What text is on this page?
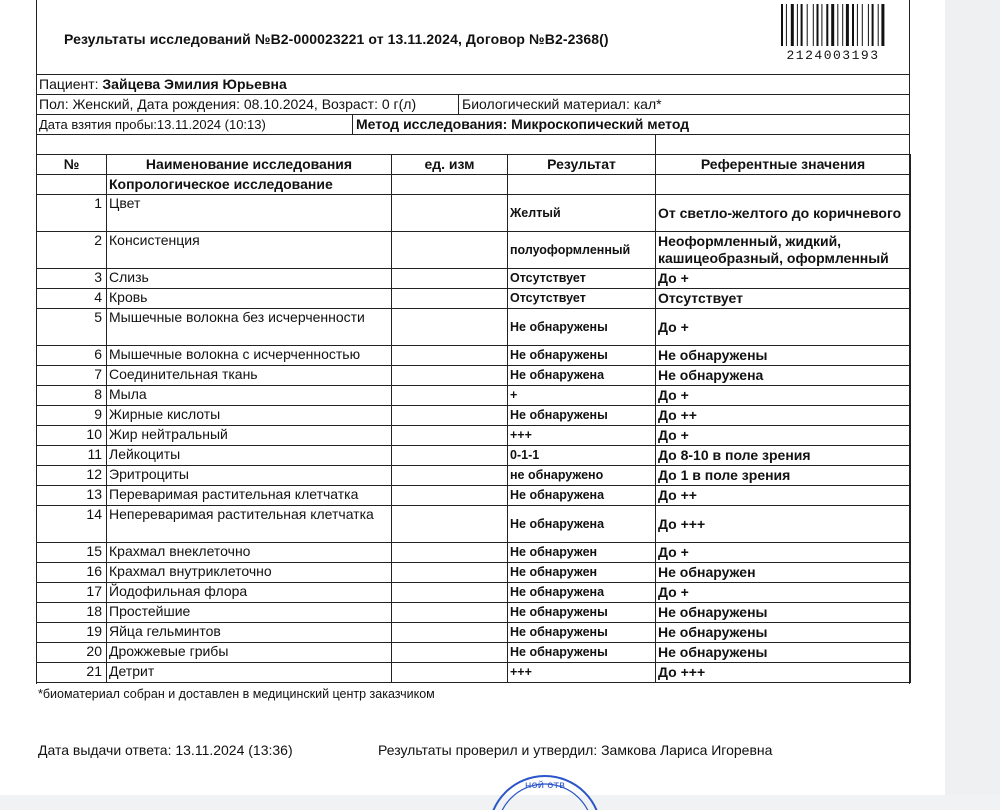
Результаты исследований №B2-000023221 от 13.11.2024, Договор №B2-2368()
2124003193
Пациент: Зайцева Эмилия Юрьевна
Пол: Женский, Дата рождения: 08.10.2024, Возраст: 0 г(л)	Биологический материал: кал*
Дата взятия пробы:13.11.2024 (10:13)	Метод исследования: Микроскопический метод
№	Наименование исследования	ед. изм	Результат	Референтные значения
	Копрологическое исследование			
1	Цвет		Желтый	От светло-желтого до коричневого
2	Консистенция		полуоформленный	Неоформленный, жидкий, кашицеобразный, оформленный
3	Слизь		Отсутствует	До +
4	Кровь		Отсутствует	Отсутствует
5	Мышечные волокна без исчерченности		Не обнаружены	До +
6	Мышечные волокна с исчерченностью		Не обнаружены	Не обнаружены
7	Соединительная ткань		Не обнаружена	Не обнаружена
8	Мыла		+	До +
9	Жирные кислоты		Не обнаружены	До ++
10	Жир нейтральный		+++	До +
11	Лейкоциты		0-1-1	До 8-10 в поле зрения
12	Эритроциты		не обнаружено	До 1 в поле зрения
13	Переваримая растительная клетчатка		Не обнаружена	До ++
14	Непереваримая растительная клетчатка		Не обнаружена	До +++
15	Крахмал внеклеточно		Не обнаружен	До +
16	Крахмал внутриклеточно		Не обнаружен	Не обнаружен
17	Йодофильная флора		Не обнаружена	До +
18	Простейшие		Не обнаружены	Не обнаружены
19	Яйца гельминтов		Не обнаружены	Не обнаружены
20	Дрожжевые грибы		Не обнаружены	Не обнаружены
21	Детрит		+++	До +++
*биоматериал собран и доставлен в медицинский центр заказчиком
Дата выдачи ответа: 13.11.2024 (13:36)	Результаты проверил и утвердил: Замкова Лариса Игоревна
ной отв
